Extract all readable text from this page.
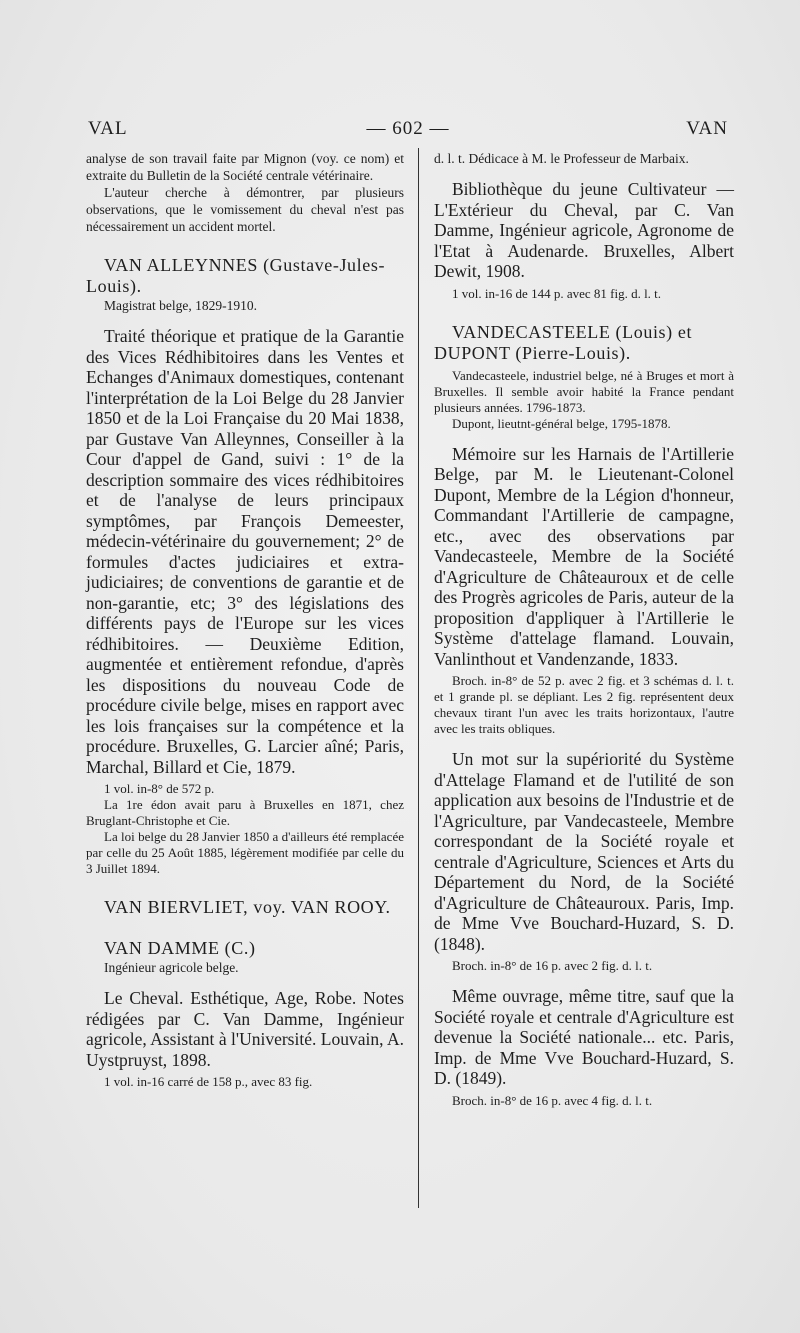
VAL	— 602 —	VAN

analyse de son travail faite par Mignon (voy. ce nom) et extraite du Bulletin de la Société centrale vétérinaire.

L'auteur cherche à démontrer, par plusieurs observations, que le vomissement du cheval n'est pas nécessairement un accident mortel.

VAN ALLEYNNES (Gustave-Jules-Louis).

Magistrat belge, 1829-1910.

Traité théorique et pratique de la Garantie des Vices Rédhibitoires dans les Ventes et Echanges d'Animaux domestiques, contenant l'interprétation de la Loi Belge du 28 Janvier 1850 et de la Loi Française du 20 Mai 1838, par Gustave Van Alleynnes, Conseiller à la Cour d'appel de Gand, suivi : 1° de la description sommaire des vices rédhibitoires et de l'analyse de leurs principaux symptômes, par François Demeester, médecin-vétérinaire du gouvernement; 2° de formules d'actes judiciaires et extra-judiciaires; de conventions de garantie et de non-garantie, etc; 3° des législations des différents pays de l'Europe sur les vices rédhibitoires. — Deuxième Edition, augmentée et entièrement refondue, d'après les dispositions du nouveau Code de procédure civile belge, mises en rapport avec les lois françaises sur la compétence et la procédure. Bruxelles, G. Larcier aîné; Paris, Marchal, Billard et Cie, 1879.

1 vol. in-8° de 572 p.

La 1re édon avait paru à Bruxelles en 1871, chez Bruglant-Christophe et Cie.

La loi belge du 28 Janvier 1850 a d'ailleurs été remplacée par celle du 25 Août 1885, légèrement modifiée par celle du 3 Juillet 1894.

VAN BIERVLIET, voy. VAN ROOY.

VAN DAMME (C.)

Ingénieur agricole belge.

Le Cheval. Esthétique, Age, Robe. Notes rédigées par C. Van Damme, Ingénieur agricole, Assistant à l'Université. Louvain, A. Uystpruyst, 1898.

1 vol. in-16 carré de 158 p., avec 83 fig.

d. l. t. Dédicace à M. le Professeur de Marbaix.

Bibliothèque du jeune Cultivateur — L'Extérieur du Cheval, par C. Van Damme, Ingénieur agricole, Agronome de l'Etat à Audenarde. Bruxelles, Albert Dewit, 1908.

1 vol. in-16 de 144 p. avec 81 fig. d. l. t.

VANDECASTEELE (Louis) et DUPONT (Pierre-Louis).

Vandecasteele, industriel belge, né à Bruges et mort à Bruxelles. Il semble avoir habité la France pendant plusieurs années. 1796-1873.

Dupont, lieutnt-général belge, 1795-1878.

Mémoire sur les Harnais de l'Artillerie Belge, par M. le Lieutenant-Colonel Dupont, Membre de la Légion d'honneur, Commandant l'Artillerie de campagne, etc., avec des observations par Vandecasteele, Membre de la Société d'Agriculture de Châteauroux et de celle des Progrès agricoles de Paris, auteur de la proposition d'appliquer à l'Artillerie le Système d'attelage flamand. Louvain, Vanlinthout et Vandenzande, 1833.

Broch. in-8° de 52 p. avec 2 fig. et 3 schémas d. l. t. et 1 grande pl. se dépliant. Les 2 fig. représentent deux chevaux tirant l'un avec les traits horizontaux, l'autre avec les traits obliques.

Un mot sur la supériorité du Système d'Attelage Flamand et de l'utilité de son application aux besoins de l'Industrie et de l'Agriculture, par Vandecasteele, Membre correspondant de la Société royale et centrale d'Agriculture, Sciences et Arts du Département du Nord, de la Société d'Agriculture de Châteauroux. Paris, Imp. de Mme Vve Bouchard-Huzard, S. D. (1848).

Broch. in-8° de 16 p. avec 2 fig. d. l. t.

Même ouvrage, même titre, sauf que la Société royale et centrale d'Agriculture est devenue la Société nationale... etc. Paris, Imp. de Mme Vve Bouchard-Huzard, S. D. (1849).

Broch. in-8° de 16 p. avec 4 fig. d. l. t.
